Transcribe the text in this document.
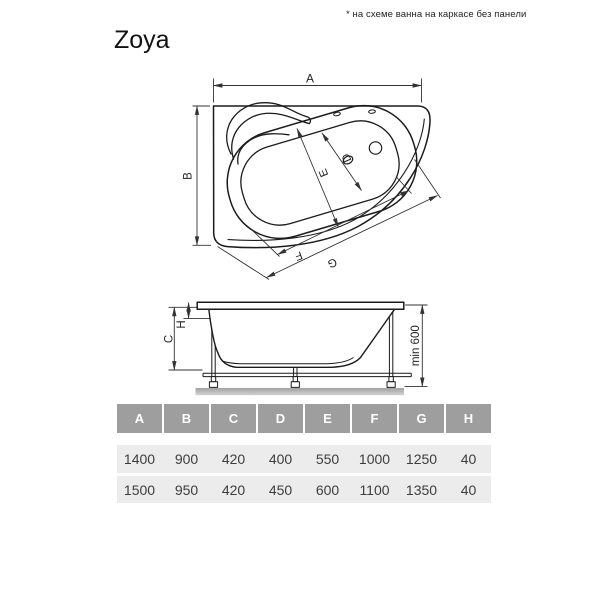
* на схеме ванна на каркасе без панели
Zoya
A
B	E
D
F G
C
H
min 600
A	B	C	D	E	F	G	H
1400	900	420	400	550	1000	1250	40
1500	950	420	450	600	1100	1350	40
